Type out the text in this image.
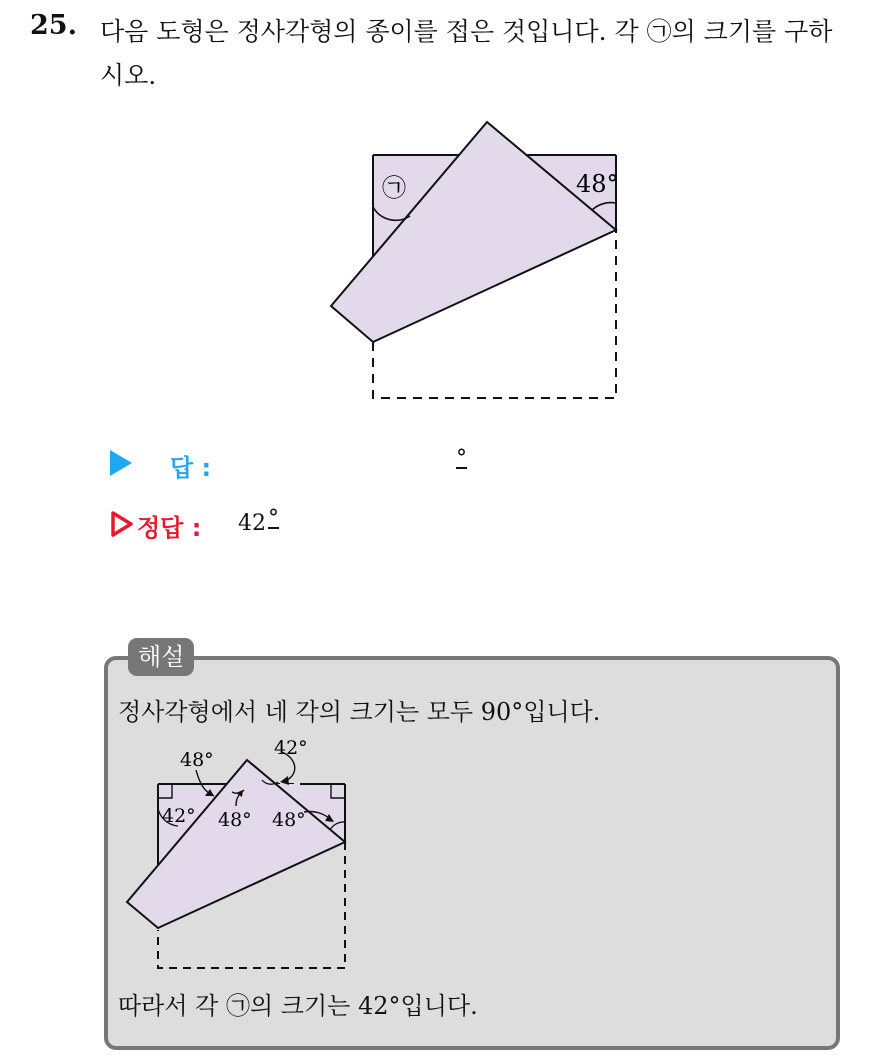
25. 다음 도형은 정사각형의 종이를 접은 것입니다. 각 ㉠의 크기를 구하
시오.
㉠	48°
답 :	°
정답 : 42 °
해설
정사각형에서 네 각의 크기는 모두 90°입니다.
48°
42°
42° 48° 48°
따라서 각 ㉠의 크기는 42°입니다.
